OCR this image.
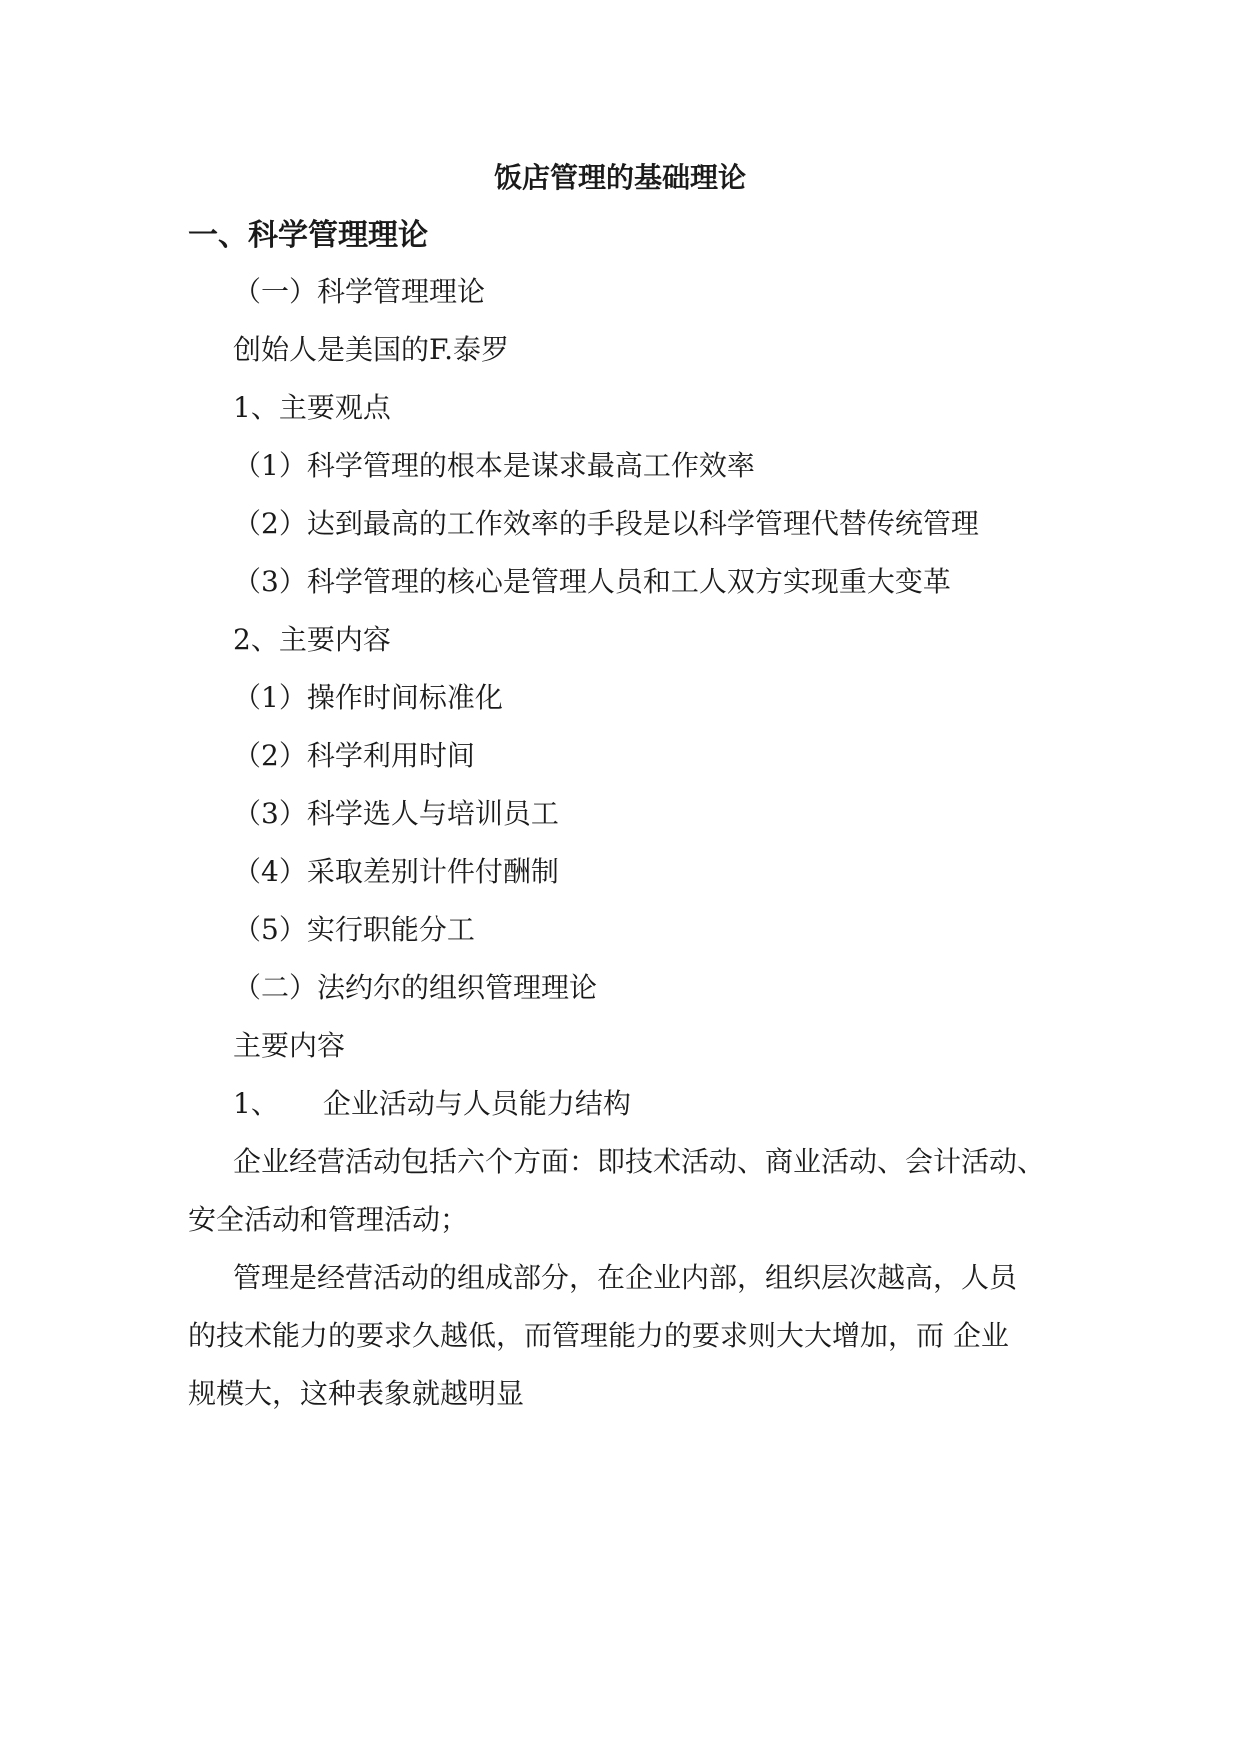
饭店管理的基础理论
一、科学管理理论
（一）科学管理理论
创始人是美国的F.泰罗
1、主要观点
（1）科学管理的根本是谋求最高工作效率
（2）达到最高的工作效率的手段是以科学管理代替传统管理
（3）科学管理的核心是管理人员和工人双方实现重大变革
2、主要内容
（1）操作时间标准化
（2）科学利用时间
（3）科学选人与培训员工
（4）采取差别计件付酬制
（5）实行职能分工
（二）法约尔的组织管理理论
主要内容
1、 企业活动与人员能力结构
企业经营活动包括六个方面：即技术活动、商业活动、会计活动、
安全活动和管理活动；
管理是经营活动的组成部分，在企业内部，组织层次越高，人员
的技术能力的要求久越低，而管理能力的要求则大大增加，而 企业
规模大，这种表象就越明显
